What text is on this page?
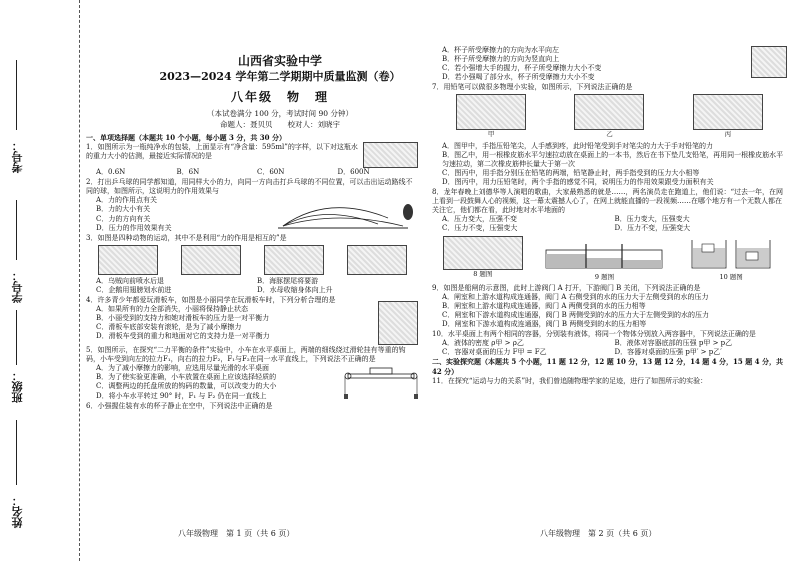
考号：
学号：
班级：
姓名：
山西省实验中学
2023—2024 学年第二学期期中质量监测（卷）
八年级　物　理
（本试卷满分 100 分，考试时间 90 分钟）
命题人：聂贝贝　　校对人：刘晓宇
一、单项选择题（本题共 10 个小题，每小题 3 分，共 30 分）
1．如图所示为一瓶纯净水的包装，上面显示有“净含量：595ml”的字样，以下对这瓶水的重力大小的估测，最接近实际情况的是
A．0.6N	B．6N	C．60N	D．600N
2．打出乒乓球的同学都知道，用同样大小的力，向同一方向击打乒乓球的不同位置，可以击出运动路线不同的球，如图所示，这说明力的作用效果与
A．力的作用点有关
B．力的大小有关
C．力的方向有关
D．压力的作用效果有关
3．如图是四种动物的运动，其中不是利用“力的作用是相互的”是
A．乌贼向前喷水后退	B．海豚摆尾将要游
C．企鹅用翅膀划水前进	D．水母收缩身体向上升
4．许多青少年都爱玩滑板车，如图是小丽同学在玩滑板车时，下列分析合理的是
A．如果所有的力全部消失，小丽将保持静止状态
B．小丽受到的支持力和她对滑板车的压力是一对平衡力
C．滑板车底部安装有滚轮，是为了减小摩擦力
D．滑板车受到的重力和地面对它的支持力是一对平衡力
5．如图所示，在探究“二力平衡的条件”实验中，小车在水平桌面上，两端的细线绕过滑轮挂有等重的钩码，小车受到向左的拉力F₁，向右的拉力F₂，F₁与F₂在同一水平直线上，下列说法不正确的是
A．为了减小摩擦力的影响，应选用尽量光滑的水平桌面
B．为了使实验更准确，小车放置在桌面上应该选择轻质的
C．调整两边的托盘所放的钩码的数量，可以改变力的大小
D．将小车水平转过 90° 时，F₁ 与 F₂ 仍在同一直线上
6．小强握住装有水的杯子静止在空中，下列说法中正确的是
八年级物理　第 1 页（共 6 页）
A．杯子所受摩擦力的方向为水平向左
B．杯子所受摩擦力的方向为竖直向上
C．若小强增大手的握力，杯子所受摩擦力大小不变
D．若小强喝了部分水，杯子所受摩擦力大小不变
7．用铅笔可以做很多物理小实验，如图所示，下列说法正确的是
甲	乙	丙
A．图甲中，手指压铅笔尖，人手感到疼，此时铅笔受到手对笔尖的力大于手对铅笔的力
B．图乙中，用一根橡皮筋水平匀速拉动放在桌面上的一本书，然后在书下垫几支铅笔，再用同一根橡皮筋水平匀速拉动，第二次橡皮筋伸长量大于第一次
C．图丙中，用手指分别压在铅笔的两端，铅笔静止时，两手指受到的压力大小相等
D．图丙中，用力压铅笔时，两个手指的感觉不同，说明压力的作用效果跟受力面积有关
8．龙年春晚上刘德华等人演唱的歌曲，大家最熟悉的就是……，两名演员走在跑道上，他们说：“过去一年，在网上看到一段鼓舞人心的视频，这一幕太震撼人心了，在网上就能直播的一段视频……在哪个地方有一个无数人都在关注它，他们都在看，此时地对水平地面的
A．压力变大，压强不变	B．压力变大，压强变大
C．压力不变，压强变大	D．压力不变，压强变大
8 题图	9 题图	10 题图
9．如图是船闸的示意图，此时上游阀门 A 打开，下游阀门 B 关闭，下列说法正确的是
A．闸室和上游水道构成连通器，阀门 A 右侧受到的水的压力大于左侧受到的水的压力
B．闸室和上游水道构成连通器，阀门 A 两侧受到的水的压力相等
C．闸室和下游水道构成连通器，阀门 B 两侧受到的水的压力大于左侧受到的水的压力
D．闸室和下游水道构成连通器，阀门 B 两侧受到的水的压力相等
10．水平桌面上有两个相同的容器，分别装有液体，将同一个物体分别放入两容器中，下列说法正确的是
A．液体的密度 ρ甲 > ρ乙	B．液体对容器底部的压强 p甲 > p乙
C．容器对桌面的压力 F甲 = F乙	D．容器对桌面的压强 p甲′ > p乙′
二、实验探究题（本题共 5 个小题，11 题 12 分，12 题 10 分，13 题 12 分，14 题 4 分，15 题 4 分，共 42 分）
11．在探究“运动与力的关系”时，我们曾追随物理学家的足迹，进行了如图所示的实验：
八年级物理　第 2 页（共 6 页）
